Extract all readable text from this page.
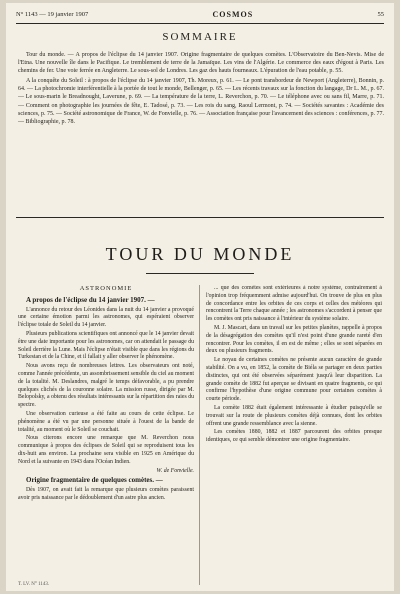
N° 1143 — 19 janvier 1907	COSMOS	55
SOMMAIRE

Tour du monde. — A propos de l'éclipse du 14 janvier 1907. Origine fragmentaire de quelques comètes. L'Observatoire du Ben-Nevis. Mise de l'Etna. Une nouvelle île dans le Pacifique. Le tremblement de terre de la Jamaïque. Les vins de l'Algérie. Le commerce des eaux d'égout à Paris. Les chemins de fer. Une voie ferrée en Angleterre. Le sous-sol de Londres. Les gaz des hauts fourneaux. L'épuration de l'eau potable, p. 55.

A la conquête du Soleil : à propos de l'éclipse du 14 janvier 1907, Th. Moreux, p. 61. — Le pont transbordeur de Newport (Angleterre), Bonnin, p. 64. — La photochromie interférentielle à la portée de tout le monde, Bellenger, p. 65. — Les récents travaux sur la fonction du langage, Dr L. M., p. 67. — Le sous-marin le Breadnought, Laverune, p. 69. — La température de la terre, L. Reverchon, p. 70. — Le téléphone avec ou sans fil, Marre, p. 71. — Comment on photographie les journées de fête, E. Tadosé, p. 73. — Les rois du sang, Raoul Lermont, p. 74. — Sociétés savantes : Académie des sciences, p. 75. — Société astronomique de France, W. de Fonvielle, p. 76. — Association française pour l'avancement des sciences : conférences, p. 77. — Bibliographie, p. 78.

TOUR DU MONDE
ASTRONOMIE
A propos de l'éclipse du 14 janvier 1907. —

L'annonce du retour des Léonides dans la nuit du 14 janvier a provoqué une certaine émotion parmi les astronomes, qui espéraient observer l'éclipse totale de Soleil du 14 janvier.

Plusieurs publications scientifiques ont annoncé que le 14 janvier devait être une date importante pour les astronomes, car on attendait le passage du Soleil derrière la Lune. Mais l'éclipse n'était visible que dans les régions du Turkestan et de la Chine, et il fallait y aller observer le phénomène.

Nous avons reçu de nombreuses lettres. Les observateurs ont noté, comme l'année précédente, un assombrissement sensible du ciel au moment de la totalité. M. Deslandres, malgré le temps défavorable, a pu prendre quelques clichés de la couronne solaire. La mission russe, dirigée par M. Belopolsky, a obtenu des résultats intéressants sur la répartition des raies du spectre.

Une observation curieuse a été faite au cours de cette éclipse. Le phénomène a été vu par une personne située à l'ouest de la bande de totalité, au moment où le Soleil se couchait.

Nous citerons encore une remarque que M. Reverchon nous communique à propos des éclipses de Soleil qui se reproduisent tous les dix-huit ans environ. La prochaine sera visible en 1925 en Amérique du Nord et la suivante en 1943 dans l'Océan Indien.

W. de Fonvielle.
Origine fragmentaire de quelques comètes. —

Dès 1907, on avait fait la remarque que plusieurs comètes paraissent avoir pris naissance par le dédoublement d'un astre plus ancien.

... que des comètes sont extérieures à notre système, contrairement à l'opinion trop fréquemment admise aujourd'hui. On trouve de plus en plus de concordance entre les orbites de ces corps et celles des météores qui rencontrent la Terre chaque année ; les astronomes s'accordent à penser que les comètes ont pris naissance à l'intérieur du système solaire.

M. J. Mascart, dans un travail sur les petites planètes, rappelle à propos de la désagrégation des comètes qu'il n'est point d'une grande rareté d'en rencontrer. Pour les comètes, il en est de même ; elles se sont séparées en deux ou plusieurs fragments.

Le noyau de certaines comètes ne présente aucun caractère de grande stabilité. On a vu, en 1852, la comète de Biéla se partager en deux parties distinctes, qui ont été observées séparément jusqu'à leur disparition. La grande comète de 1882 fut aperçue se divisant en quatre fragments, ce qui confirme l'hypothèse d'une origine commune pour certaines comètes à courte période.

La comète 1882 était également intéressante à étudier puisqu'elle se trouvait sur la route de plusieurs comètes déjà connues, dont les orbites offrent une grande ressemblance avec la sienne.

Les comètes 1880, 1882 et 1887 parcourent des orbites presque identiques, ce qui semble démontrer une origine fragmentaire.

T. LV. N° 1143.
